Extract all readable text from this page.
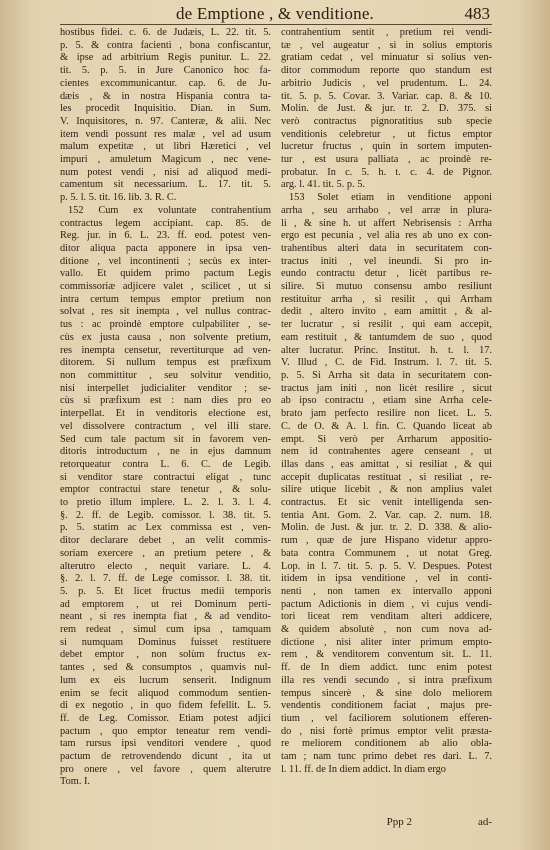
de Emptione , & venditione.	483
hostibus fidei. c. 6. de Judæis, L. 22. tit. 5.
p. 5. & contra facienti , bona confiscantur,
& ipse ad arbitrium Regis punitur. L. 22.
tit. 5. p. 5. in Jure Canonico hoc fa-
cientes excommunicantur. cap. 6. de Ju-
dæis , & in nostra Hispania contra ta-
les procedit Inquisitio. Dian. in Sum.
V. Inquisitores, n. 97. Canteræ, & alii. Nec
item vendi possunt res malæ , vel ad usum
malum expetitæ , ut libri Hæretici , vel
impuri , amuletum Magicum , nec vene-
num potest vendi , nisi ad aliquod medi-
camentum sit necessarium. L. 17. tit. 5.
p. 5. l. 5. tit. 16. lib. 3. R. C.
152 Cum ex voluntate contrahentium
contractus legem accipiant. cap. 85. de
Reg. jur. in 6. L. 23. ff. eod. potest ven-
ditor aliqua pacta apponere in ipsa ven-
ditione , vel incontinenti ; secùs ex inter-
vallo. Et quidem primo pactum Legis
commissoriæ adjicere valet , scilicet , ut si
intra certum tempus emptor pretium non
solvat , res sit inempta , vel nullus contrac-
tus : ac proindè emptore culpabiliter , se-
cùs ex justa causa , non solvente pretium,
res inempta censetur, revertiturque ad ven-
ditorem. Si nullum tempus est præfixum
non committitur , seu solvitur venditio,
nisi interpellet judicialiter venditor ; se-
cùs si præfixum est : nam dies pro eo
interpellat. Et in venditoris electione est,
vel dissolvere contractum , vel illi stare.
Sed cum tale pactum sit in favorem ven-
ditoris introductum , ne in ejus damnum
retorqueatur contra L. 6. C. de Legib.
si venditor stare contractui eligat , tunc
emptor contractui stare tenetur , & solu-
to pretio illum implere. L. 2. l. 3. l. 4.
§. 2. ff. de Legib. comissor. l. 38. tit. 5.
p. 5. statim ac Lex commissa est , ven-
ditor declarare debet , an velit commis-
soriam exercere , an pretium petere , &
alterutro electo , nequit variare. L. 4.
§. 2. l. 7. ff. de Lege comissor. l. 38. tit.
5. p. 5. Et licet fructus medii temporis
ad emptorem , ut rei Dominum perti-
neant , si res inempta fiat , & ad vendito-
rem redeat , simul cum ipsa , tamquam
si numquam Dominus fuisset restituere
debet emptor , non solùm fructus ex-
tantes , sed & consumptos , quamvis nul-
lum ex eis lucrum senserit. Indignum
enim se fecit aliquod commodum sentien-
di ex negotio , in quo fidem fefellit. L. 5.
ff. de Leg. Comissor. Etiam potest adjici
pactum , quo emptor teneatur rem vendi-
tam rursus ipsi venditori vendere , quod
pactum de retrovendendo dicunt , ita ut
pro onere , vel favore , quem alterutre
Tom. I.
contrahentium sentit , pretium rei vendi-
tæ , vel augeatur , si in solius emptoris
gratiam cedat , vel minuatur si solius ven-
ditor commodum reporte quo standum est
arbitrio Judicis , vel prudentum. L. 24.
tit. 5. p. 5. Covar. 3. Variar. cap. 8. & 10.
Molin. de Just. & jur. tr. 2. D. 375. si
verò contractus pignoratitius sub specie
venditionis celebretur , ut fictus emptor
lucretur fructus , quin in sortem imputen-
tur , est usura palliata , ac proindè re-
probatur. In c. 5. h. t. c. 4. de Pignor.
arg. l. 41. tit. 5. p. 5.
153 Solet etiam in venditione apponi
arrha , seu arrhabo , vel arræ in plura-
li , & sine h. ut affert Nebrisensis : Arrha
ergo est pecunia , vel alia res ab uno ex con-
trahentibus alteri data in securitatem con-
tractus initi , vel ineundi. Si pro in-
eundo contractu detur , licèt partibus re-
silire. Si mutuo consensu ambo resiliunt
restituitur arrha , si resilit , qui Arrham
dedit , altero invito , eam amittit , & al-
ter lucratur , si resilit , qui eam accepit,
eam restituit , & tantumdem de suo , quod
alter lucratur. Princ. Institut. h. t. l. 17.
V. Illud , C. de Fid. Instrum. l. 7. tit. 5.
p. 5. Si Arrha sit data in securitatem con-
tractus jam initi , non licèt resilire , sicut
ab ipso contractu , etiam sine Arrha cele-
brato jam perfecto resilire non licet. L. 5.
C. de O. & A. l. fin. C. Quando liceat ab
empt. Si verò per Arrharum appositio-
nem id contrahentes agere censeant , ut
illas dans , eas amittat , si resiliat , & qui
accepit duplicatas restituat , si resiliat , re-
silire utique licebit , & non amplius valet
contractus. Et sic venit intelligenda sen-
tentia Ant. Gom. 2. Var. cap. 2. num. 18.
Molin. de Just. & jur. tr. 2. D. 338. & alio-
rum , quæ de jure Hispano videtur appro-
bata contra Communem , ut notat Greg.
Lop. in l. 7. tit. 5. p. 5. V. Despues. Potest
itidem in ipsa venditione , vel in conti-
nenti , non tamen ex intervallo apponi
pactum Adictionis in diem , vi cujus vendi-
tori liceat rem venditam alteri addicere,
& quidem absolutè , non cum nova ad-
dictione , nisi aliter inter primum empto-
rem , & venditorem conventum sit. L. 11.
ff. de In diem addict. tunc enim potest
illa res vendi secundo , si intra præfixum
tempus sincerè , & sine dolo meliorem
vendentis conditionem faciat , majus pre-
tium , vel faciliorem solutionem efferen-
do , nisi fortè primus emptor velit præsta-
re meliorem conditionem ab alio obla-
tam ; nam tunc primo debet res dari. L. 7.
l. 11. ff. de In diem addict. In diam ergo
Ppp 2	ad-
